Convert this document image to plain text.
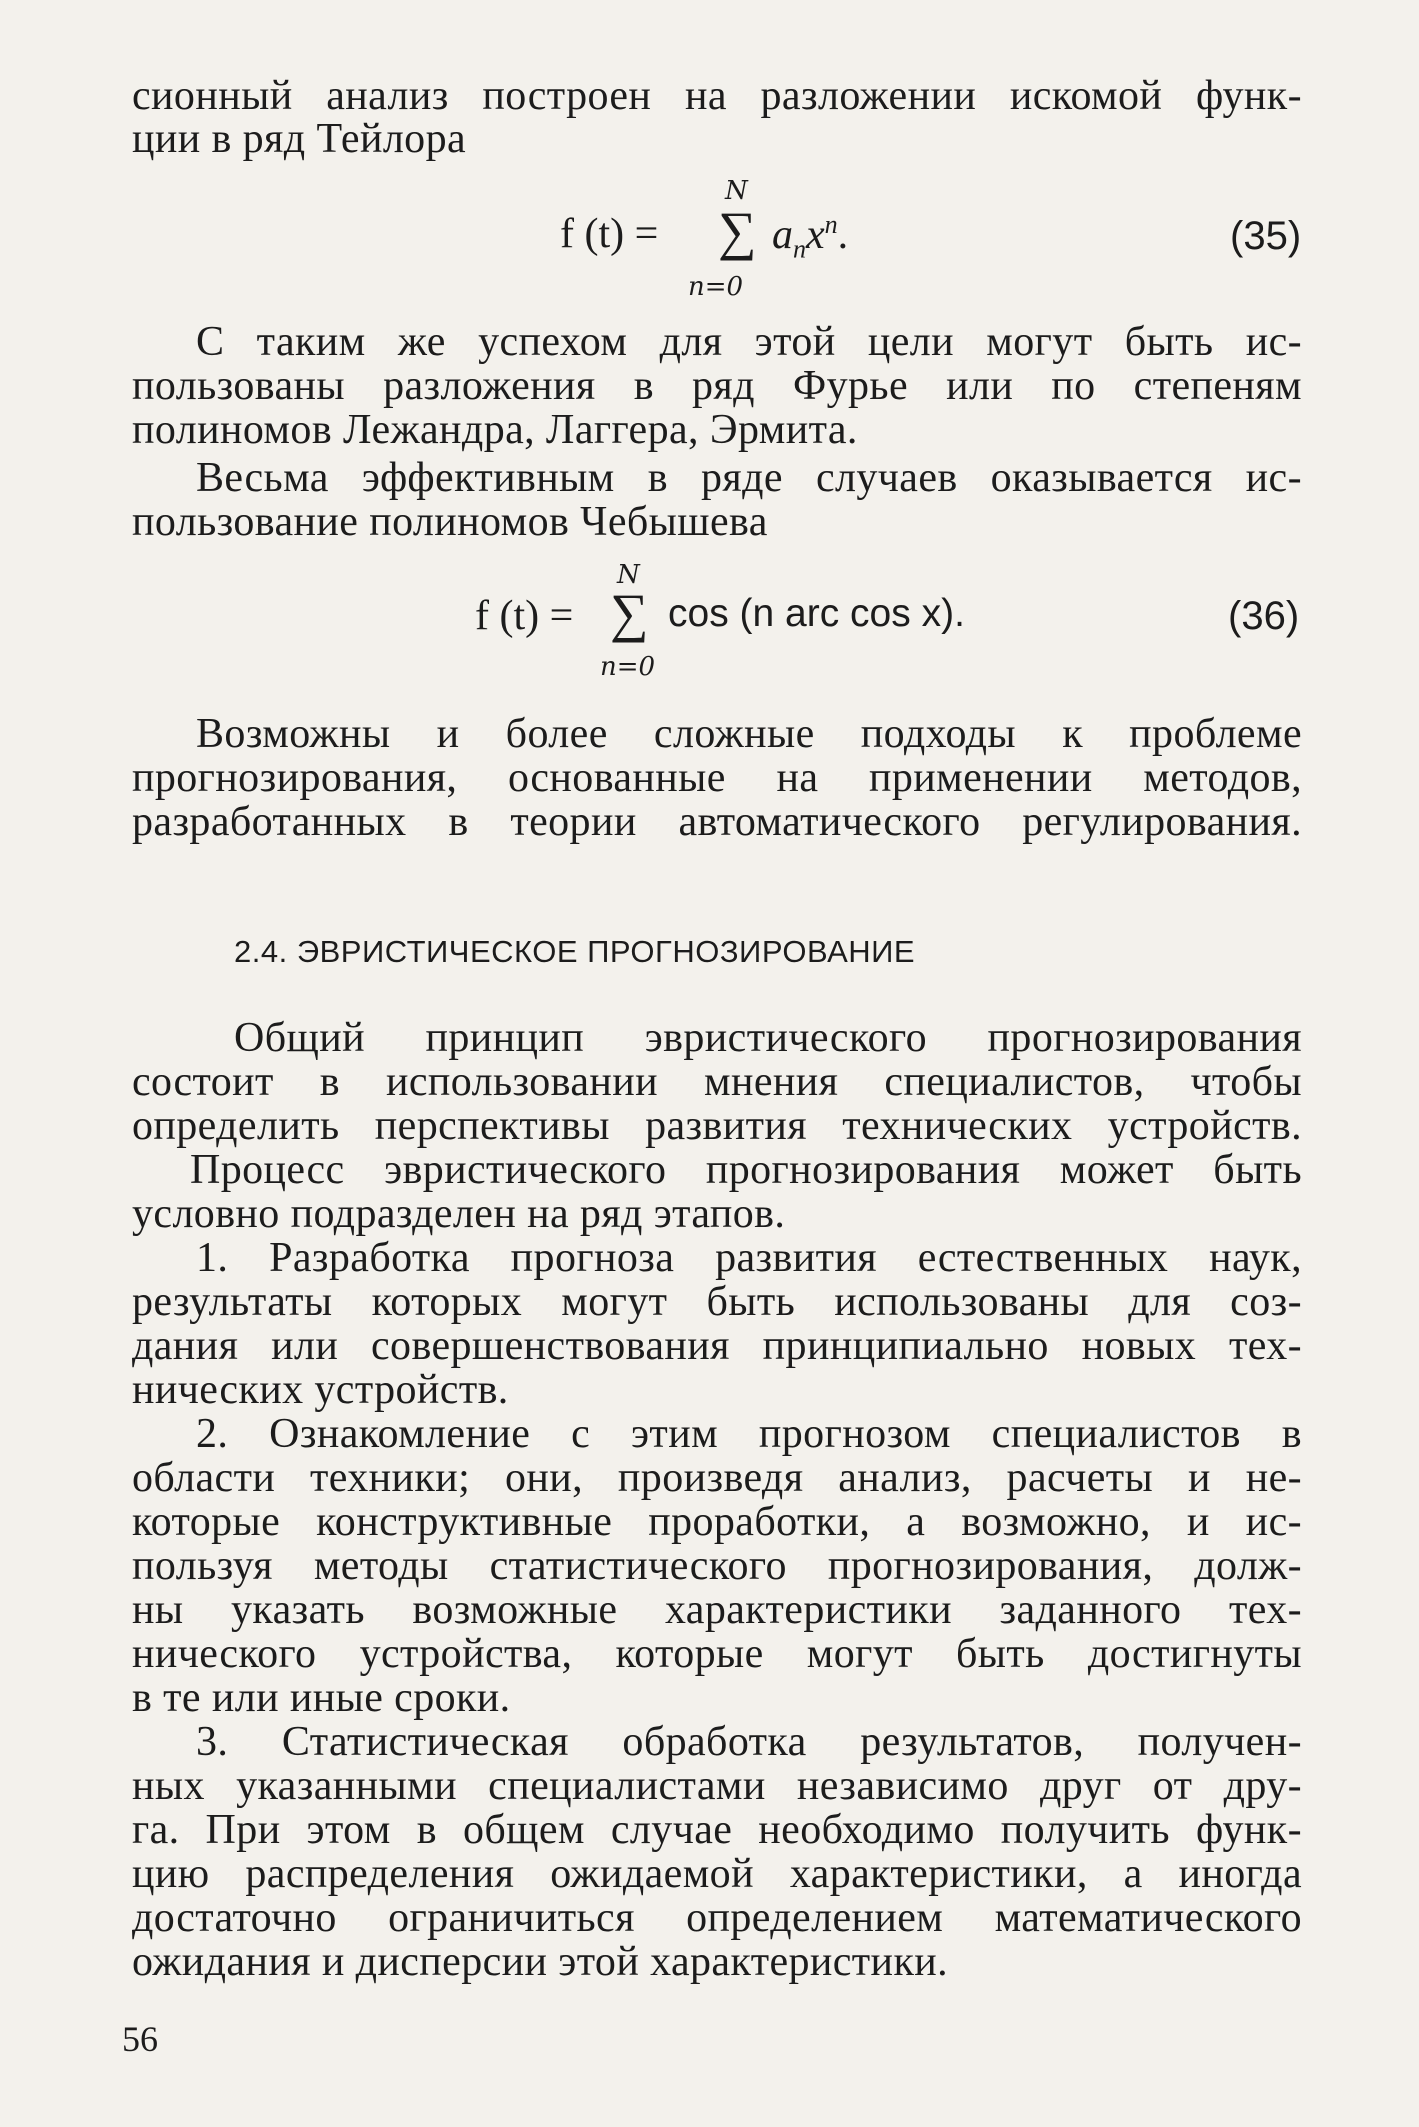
сионный анализ построен на разложении искомой функ-
ции в ряд Тейлора
f (t) =
N
∑
n=0
$a_nx^n$.	(35)
С таким же успехом для этой цели могут быть ис-
пользованы разложения в ряд Фурье или по степеням
полиномов Лежандра, Лаггера, Эрмита.
Весьма эффективным в ряде случаев оказывается ис-
пользование полиномов Чебышева
f (t) =
N
∑
n=0
cos (n arc cos x).	(36)
Возможны и более сложные подходы к проблеме
прогнозирования, основанные на применении методов,
разработанных в теории автоматического регулирования.
2.4. ЭВРИСТИЧЕСКОЕ ПРОГНОЗИРОВАНИЕ
Общий принцип эвристического прогнозирования
состоит в использовании мнения специалистов, чтобы
определить перспективы развития технических устройств.
Процесс эвристического прогнозирования может быть
условно подразделен на ряд этапов.
1. Разработка прогноза развития естественных наук,
результаты которых могут быть использованы для соз-
дания или совершенствования принципиально новых тех-
нических устройств.
2. Ознакомление с этим прогнозом специалистов в
области техники; они, произведя анализ, расчеты и не-
которые конструктивные проработки, а возможно, и ис-
пользуя методы статистического прогнозирования, долж-
ны указать возможные характеристики заданного тех-
нического устройства, которые могут быть достигнуты
в те или иные сроки.
3. Статистическая обработка результатов, получен-
ных указанными специалистами независимо друг от дру-
га. При этом в общем случае необходимо получить функ-
цию распределения ожидаемой характеристики, а иногда
достаточно ограничиться определением математического
ожидания и дисперсии этой характеристики.
56
